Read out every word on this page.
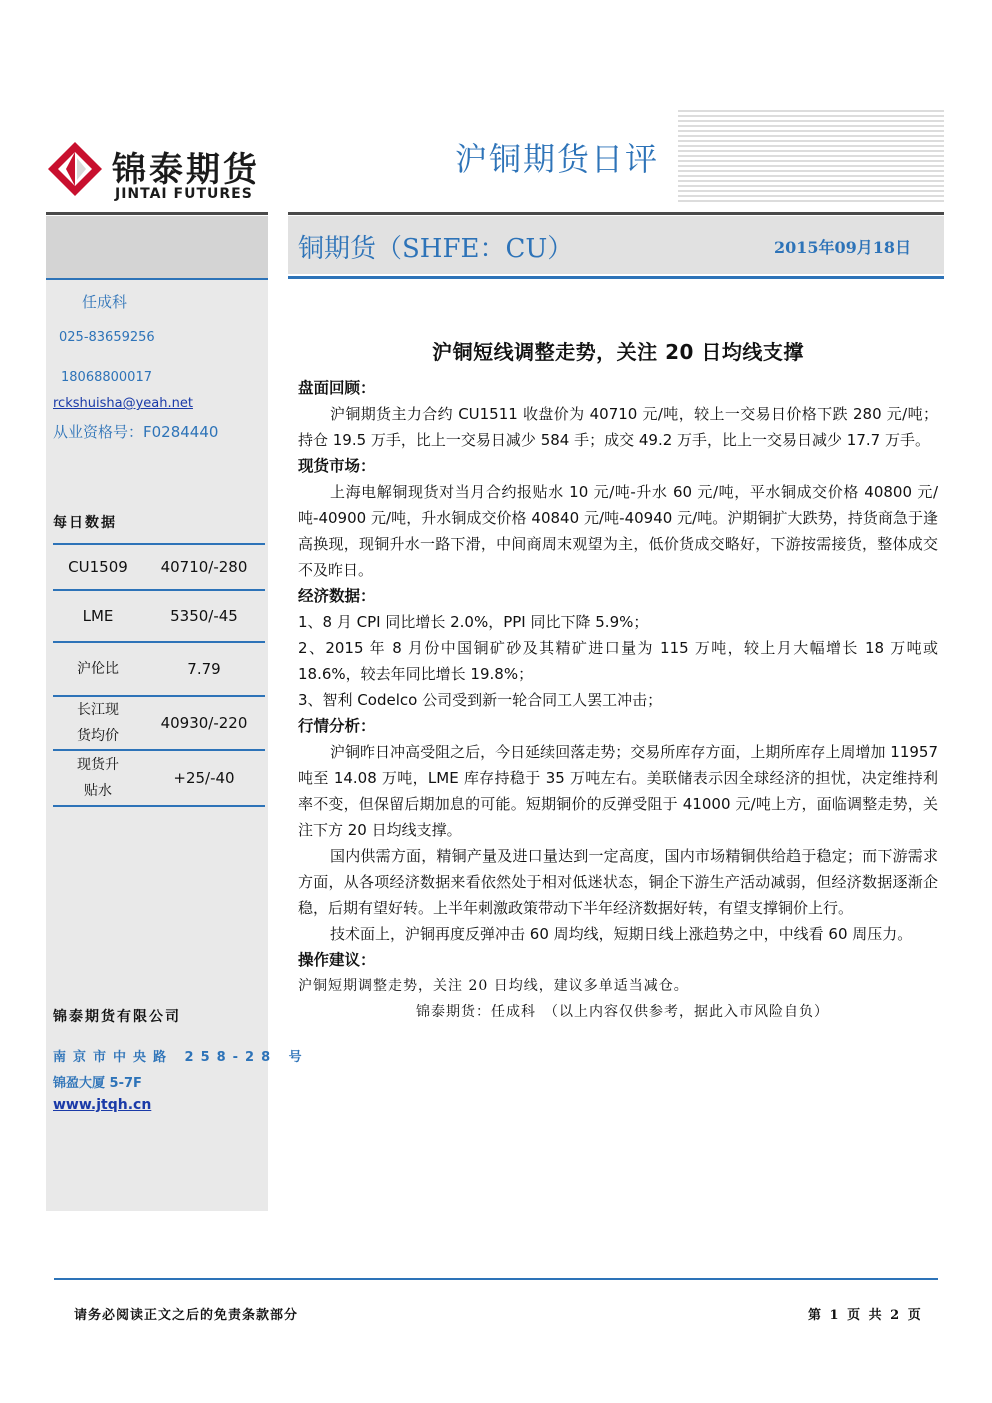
锦泰期货
JINTAI FUTURES
沪铜期货日评
任成科
025-83659256
18068800017
rckshuisha@yeah.net
从业资格号：F0284440
每日数据
CU1509	40710/-280
LME	5350/-45
沪伦比	7.79
长江现货均价
40930/-220
现货升贴水
+25/-40
锦泰期货有限公司
南京市中央路 258-28 号
锦盈大厦 5-7F
www.jtqh.cn
铜期货（SHFE：CU）	2015年09月18日
沪铜短线调整走势，关注 20 日均线支撑

盘面回顾：

沪铜期货主力合约 CU1511 收盘价为 40710 元/吨，较上一交易日价格下跌 280 元/吨；持仓 19.5 万手，比上一交易日减少 584 手；成交 49.2 万手，比上一交易日减少 17.7 万手。

现货市场：

上海电解铜现货对当月合约报贴水 10 元/吨-升水 60 元/吨，平水铜成交价格 40800 元/吨-40900 元/吨，升水铜成交价格 40840 元/吨-40940 元/吨。沪期铜扩大跌势，持货商急于逢高换现，现铜升水一路下滑，中间商周末观望为主，低价货成交略好，下游按需接货，整体成交不及昨日。

经济数据：

1、8 月 CPI 同比增长 2.0%，PPI 同比下降 5.9%；

2、2015 年 8 月份中国铜矿砂及其精矿进口量为 115 万吨，较上月大幅增长 18 万吨或 18.6%，较去年同比增长 19.8%；

3、智利 Codelco 公司受到新一轮合同工人罢工冲击；

行情分析：

沪铜昨日冲高受阻之后，今日延续回落走势；交易所库存方面，上期所库存上周增加 11957 吨至 14.08 万吨，LME 库存持稳于 35 万吨左右。美联储表示因全球经济的担忧，决定维持利率不变，但保留后期加息的可能。短期铜价的反弹受阻于 41000 元/吨上方，面临调整走势，关注下方 20 日均线支撑。

国内供需方面，精铜产量及进口量达到一定高度，国内市场精铜供给趋于稳定；而下游需求方面，从各项经济数据来看依然处于相对低迷状态，铜企下游生产活动减弱，但经济数据逐渐企稳，后期有望好转。上半年刺激政策带动下半年经济数据好转，有望支撑铜价上行。

技术面上，沪铜再度反弹冲击 60 周均线，短期日线上涨趋势之中，中线看 60 周压力。

操作建议：

沪铜短期调整走势，关注 20 日均线，建议多单适当减仓。

锦泰期货：任成科　（以上内容仅供参考，据此入市风险自负）

请务必阅读正文之后的免责条款部分	第 1 页 共 2 页
